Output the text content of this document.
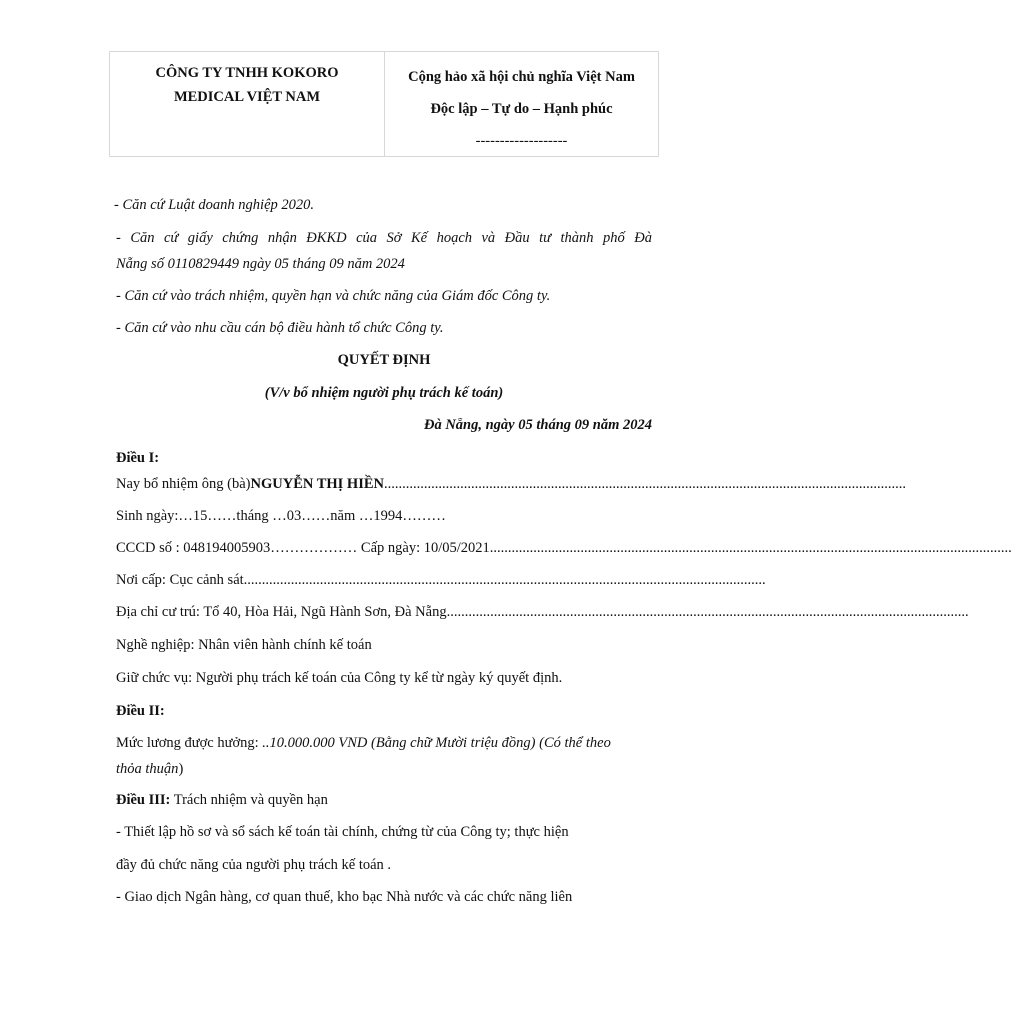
CÔNG TY TNHH KOKORO
MEDICAL VIỆT NAM
Cộng hảo xã hội chủ nghĩa Việt Nam
Độc lập – Tự do – Hạnh phúc
-------------------
- Căn cứ Luật doanh nghiệp 2020.
- Căn cứ giấy chứng nhận ĐKKD của Sở Kế hoạch và Đầu tư thành phố Đà
Nẵng số 0110829449 ngày 05 tháng 09 năm 2024
- Căn cứ vào trách nhiệm, quyền hạn và chức năng của Giám đốc Công ty.
- Căn cứ vào nhu cầu cán bộ điều hành tổ chức Công ty.
QUYẾT ĐỊNH
(V/v bổ nhiệm người phụ trách kế toán)
Đà Nẵng, ngày 05 tháng 09 năm 2024
Điều I:
Nay bổ nhiệm ông (bà) NGUYỄN THỊ HIỀN ................................................................................................................................................
Sinh ngày:…15……tháng …03……năm …1994………
CCCD số : 048194005903……………… Cấp ngày: 10/05/2021 ................................................................................................................................................
Nơi cấp: Cục cảnh sát ................................................................................................................................................
Địa chỉ cư trú: Tổ 40, Hòa Hải, Ngũ Hành Sơn, Đà Nẵng ................................................................................................................................................
Nghề nghiệp: Nhân viên hành chính kế toán
Giữ chức vụ: Người phụ trách kế toán của Công ty kể từ ngày ký quyết định.
Điều II:
Mức lương được hưởng: ..10.000.000 VND (Bằng chữ Mười triệu đồng) (Có thể theo
thỏa thuận)
Điều III: Trách nhiệm và quyền hạn
- Thiết lập hồ sơ và sổ sách kế toán tài chính, chứng từ của Công ty; thực hiện
đầy đủ chức năng của người phụ trách kế toán .
- Giao dịch Ngân hàng, cơ quan thuế, kho bạc Nhà nước và các chức năng liên
